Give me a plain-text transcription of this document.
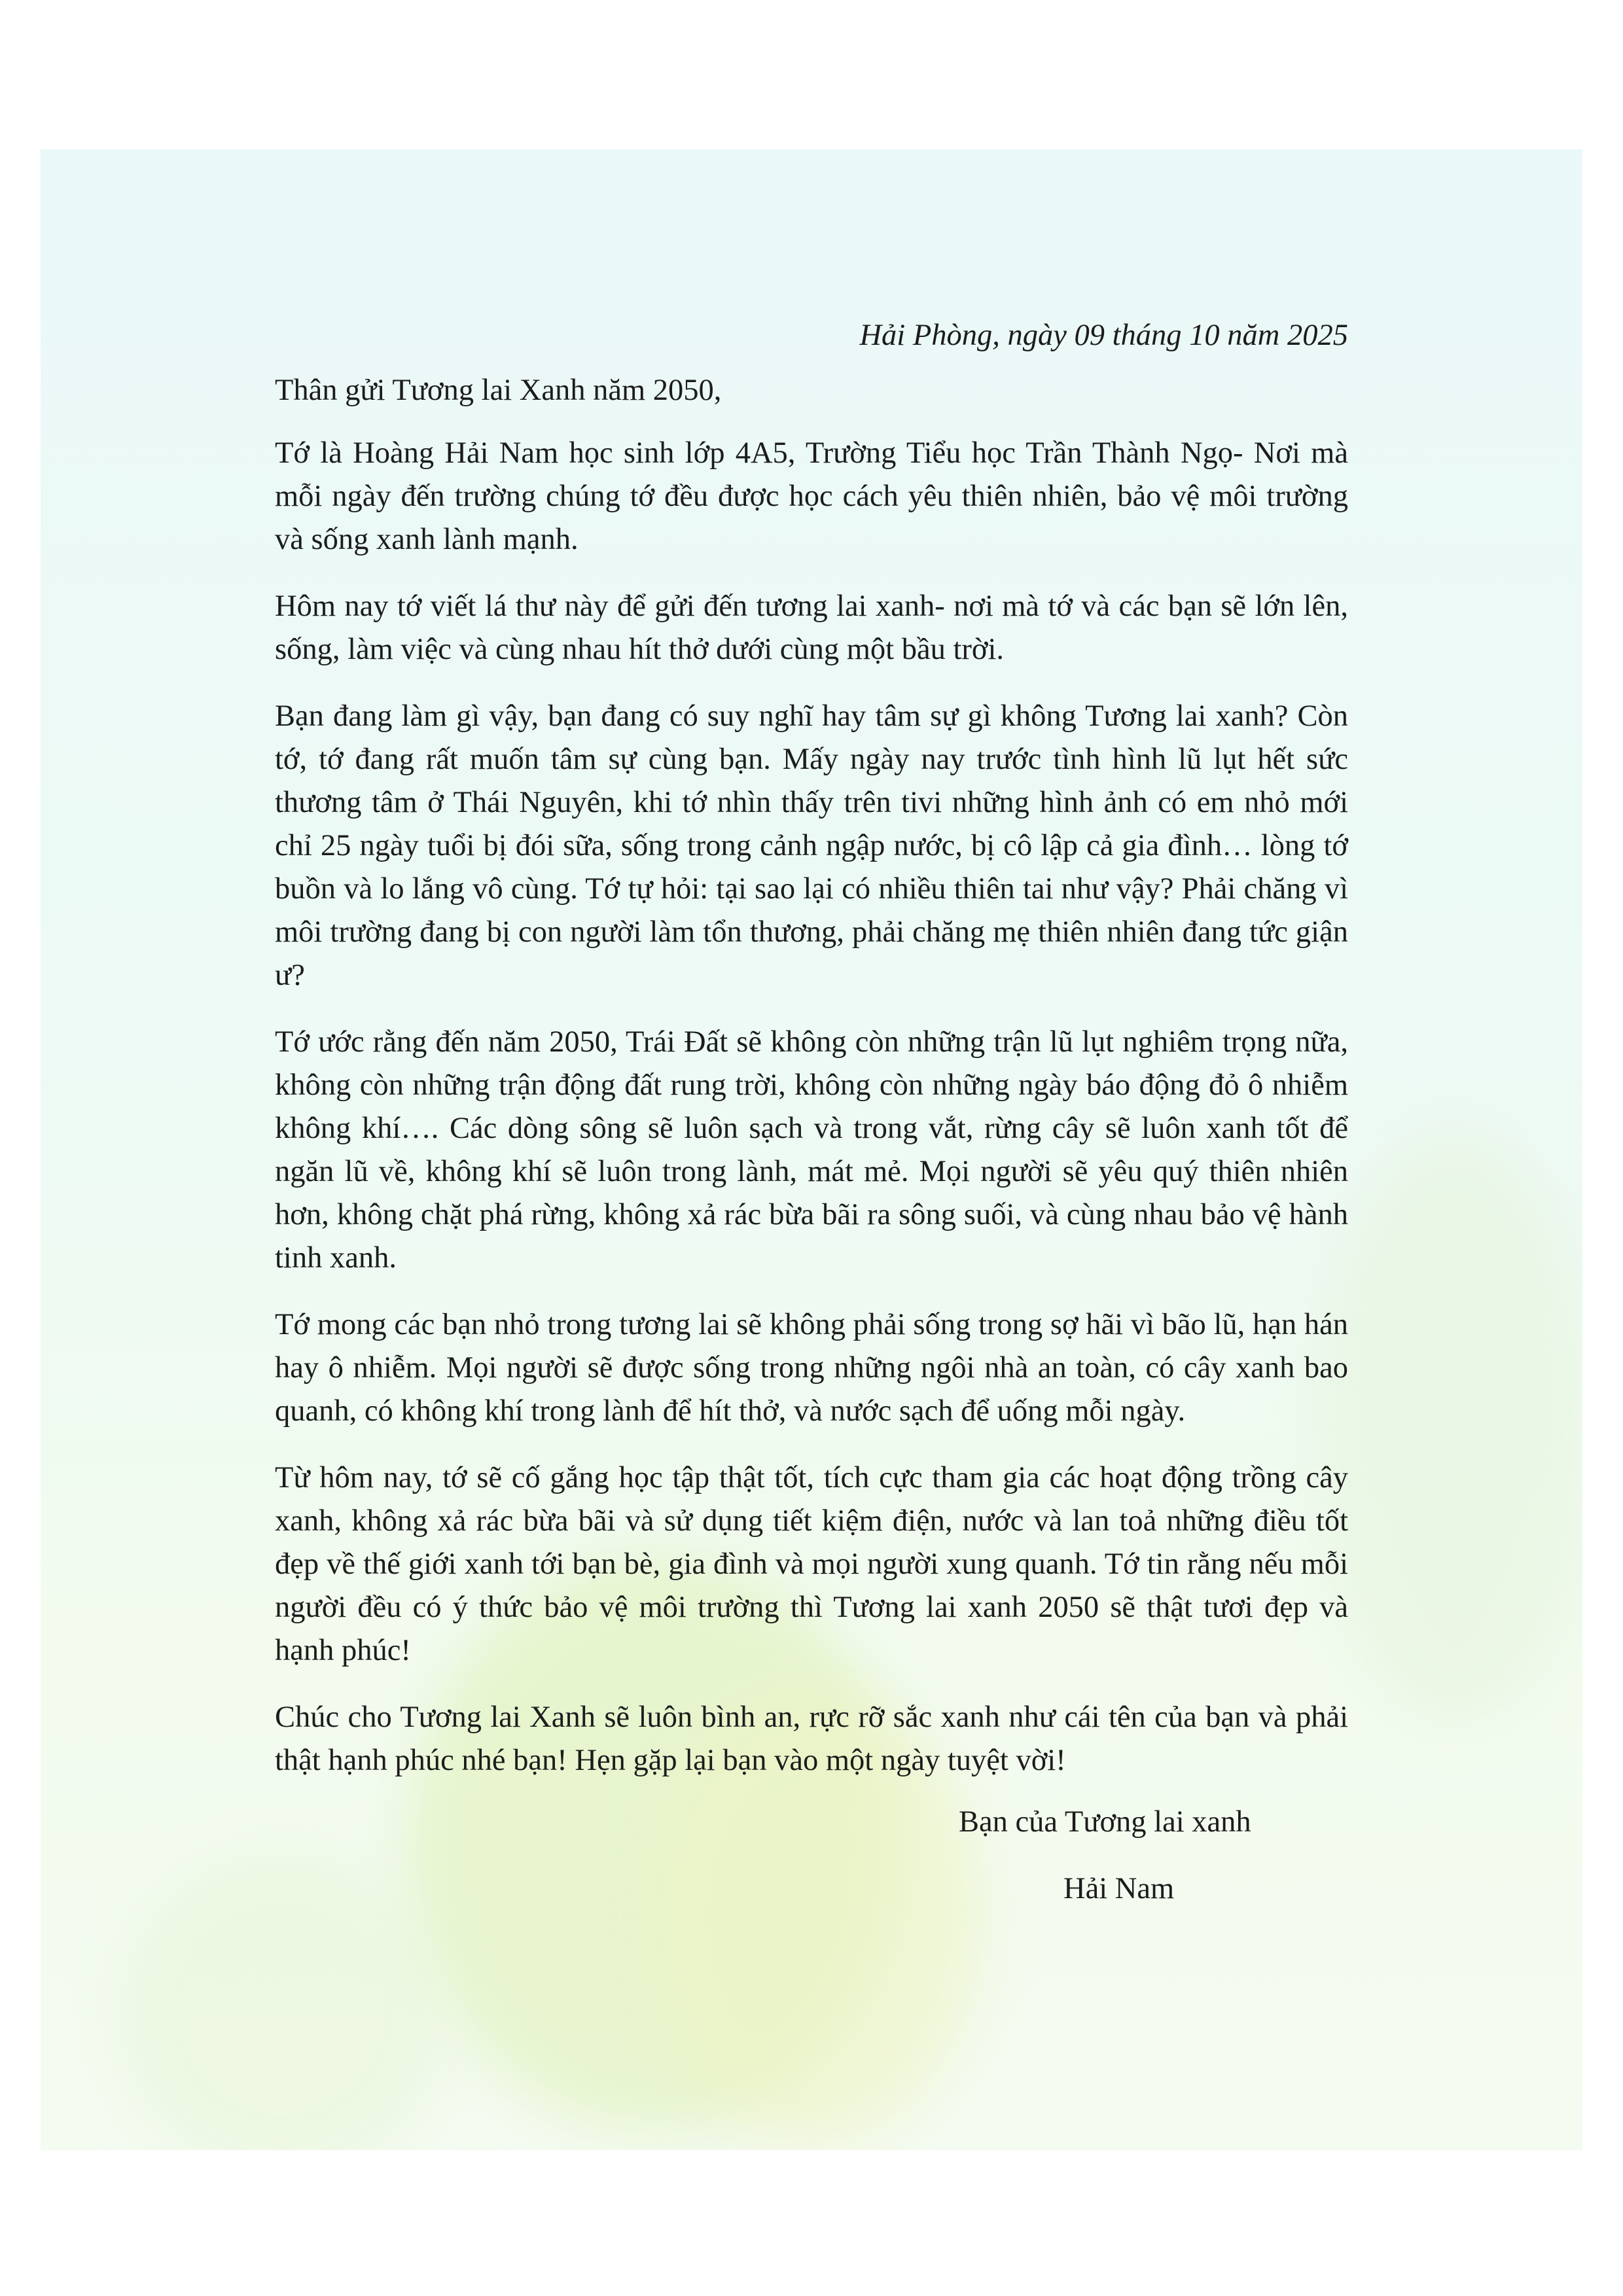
Hải Phòng, ngày 09 tháng 10 năm 2025

Thân gửi Tương lai Xanh năm 2050,

Tớ là Hoàng Hải Nam học sinh lớp 4A5, Trường Tiểu học Trần Thành Ngọ- Nơi mà mỗi ngày đến trường chúng tớ đều được học cách yêu thiên nhiên, bảo vệ môi trường và sống xanh lành mạnh.

Hôm nay tớ viết lá thư này để gửi đến tương lai xanh- nơi mà tớ và các bạn sẽ lớn lên, sống, làm việc và cùng nhau hít thở dưới cùng một bầu trời.

Bạn đang làm gì vậy, bạn đang có suy nghĩ hay tâm sự gì không Tương lai xanh? Còn tớ, tớ đang rất muốn tâm sự cùng bạn. Mấy ngày nay trước tình hình lũ lụt hết sức thương tâm ở Thái Nguyên, khi tớ nhìn thấy trên tivi những hình ảnh có em nhỏ mới chỉ 25 ngày tuổi bị đói sữa, sống trong cảnh ngập nước, bị cô lập cả gia đình… lòng tớ buồn và lo lắng vô cùng. Tớ tự hỏi: tại sao lại có nhiều thiên tai như vậy? Phải chăng vì môi trường đang bị con người làm tổn thương, phải chăng mẹ thiên nhiên đang tức giận ư?

Tớ ước rằng đến năm 2050, Trái Đất sẽ không còn những trận lũ lụt nghiêm trọng nữa, không còn những trận động đất rung trời, không còn những ngày báo động đỏ ô nhiễm không khí…. Các dòng sông sẽ luôn sạch và trong vắt, rừng cây sẽ luôn xanh tốt để ngăn lũ về, không khí sẽ luôn trong lành, mát mẻ. Mọi người sẽ yêu quý thiên nhiên hơn, không chặt phá rừng, không xả rác bừa bãi ra sông suối, và cùng nhau bảo vệ hành tinh xanh.

Tớ mong các bạn nhỏ trong tương lai sẽ không phải sống trong sợ hãi vì bão lũ, hạn hán hay ô nhiễm. Mọi người sẽ được sống trong những ngôi nhà an toàn, có cây xanh bao quanh, có không khí trong lành để hít thở, và nước sạch để uống mỗi ngày.

Từ hôm nay, tớ sẽ cố gắng học tập thật tốt, tích cực tham gia các hoạt động trồng cây xanh, không xả rác bừa bãi và sử dụng tiết kiệm điện, nước và lan toả những điều tốt đẹp về thế giới xanh tới bạn bè, gia đình và mọi người xung quanh. Tớ tin rằng nếu mỗi người đều có ý thức bảo vệ môi trường thì Tương lai xanh 2050 sẽ thật tươi đẹp và hạnh phúc!

Chúc cho Tương lai Xanh sẽ luôn bình an, rực rỡ sắc xanh như cái tên của bạn và phải thật hạnh phúc nhé bạn! Hẹn gặp lại bạn vào một ngày tuyệt vời!

Bạn của Tương lai xanh

Hải Nam
